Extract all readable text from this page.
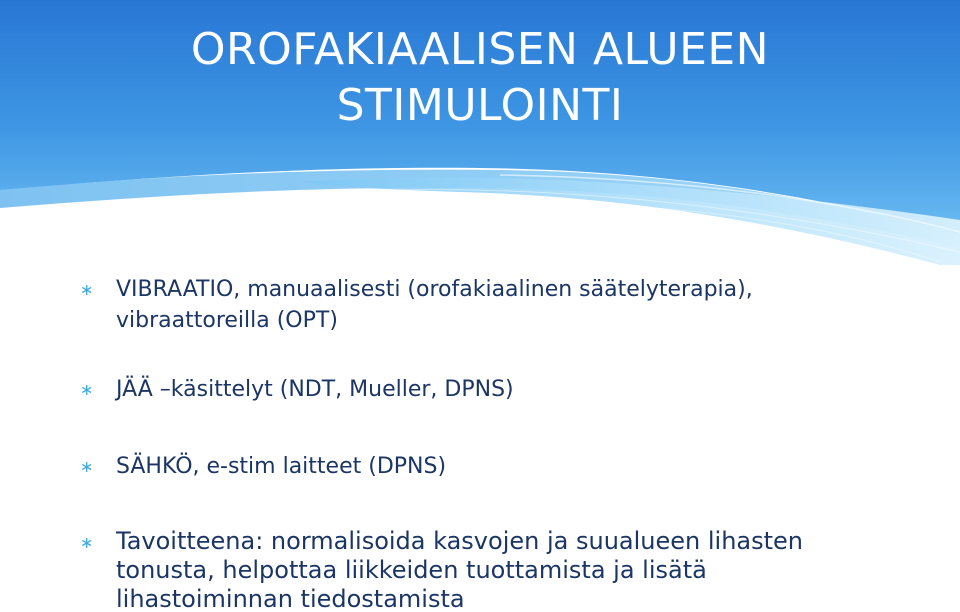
OROFAKIAALISEN ALUEEN
STIMULOINTI
∗ VIBRAATIO, manuaalisesti (orofakiaalinen säätelyterapia),
vibraattoreilla (OPT)
∗ JÄÄ –käsittelyt (NDT, Mueller, DPNS)
∗ SÄHKÖ, e-stim laitteet (DPNS)
∗ Tavoitteena: normalisoida kasvojen ja suualueen lihasten
tonusta, helpottaa liikkeiden tuottamista ja lisätä
lihastoiminnan tiedostamista
